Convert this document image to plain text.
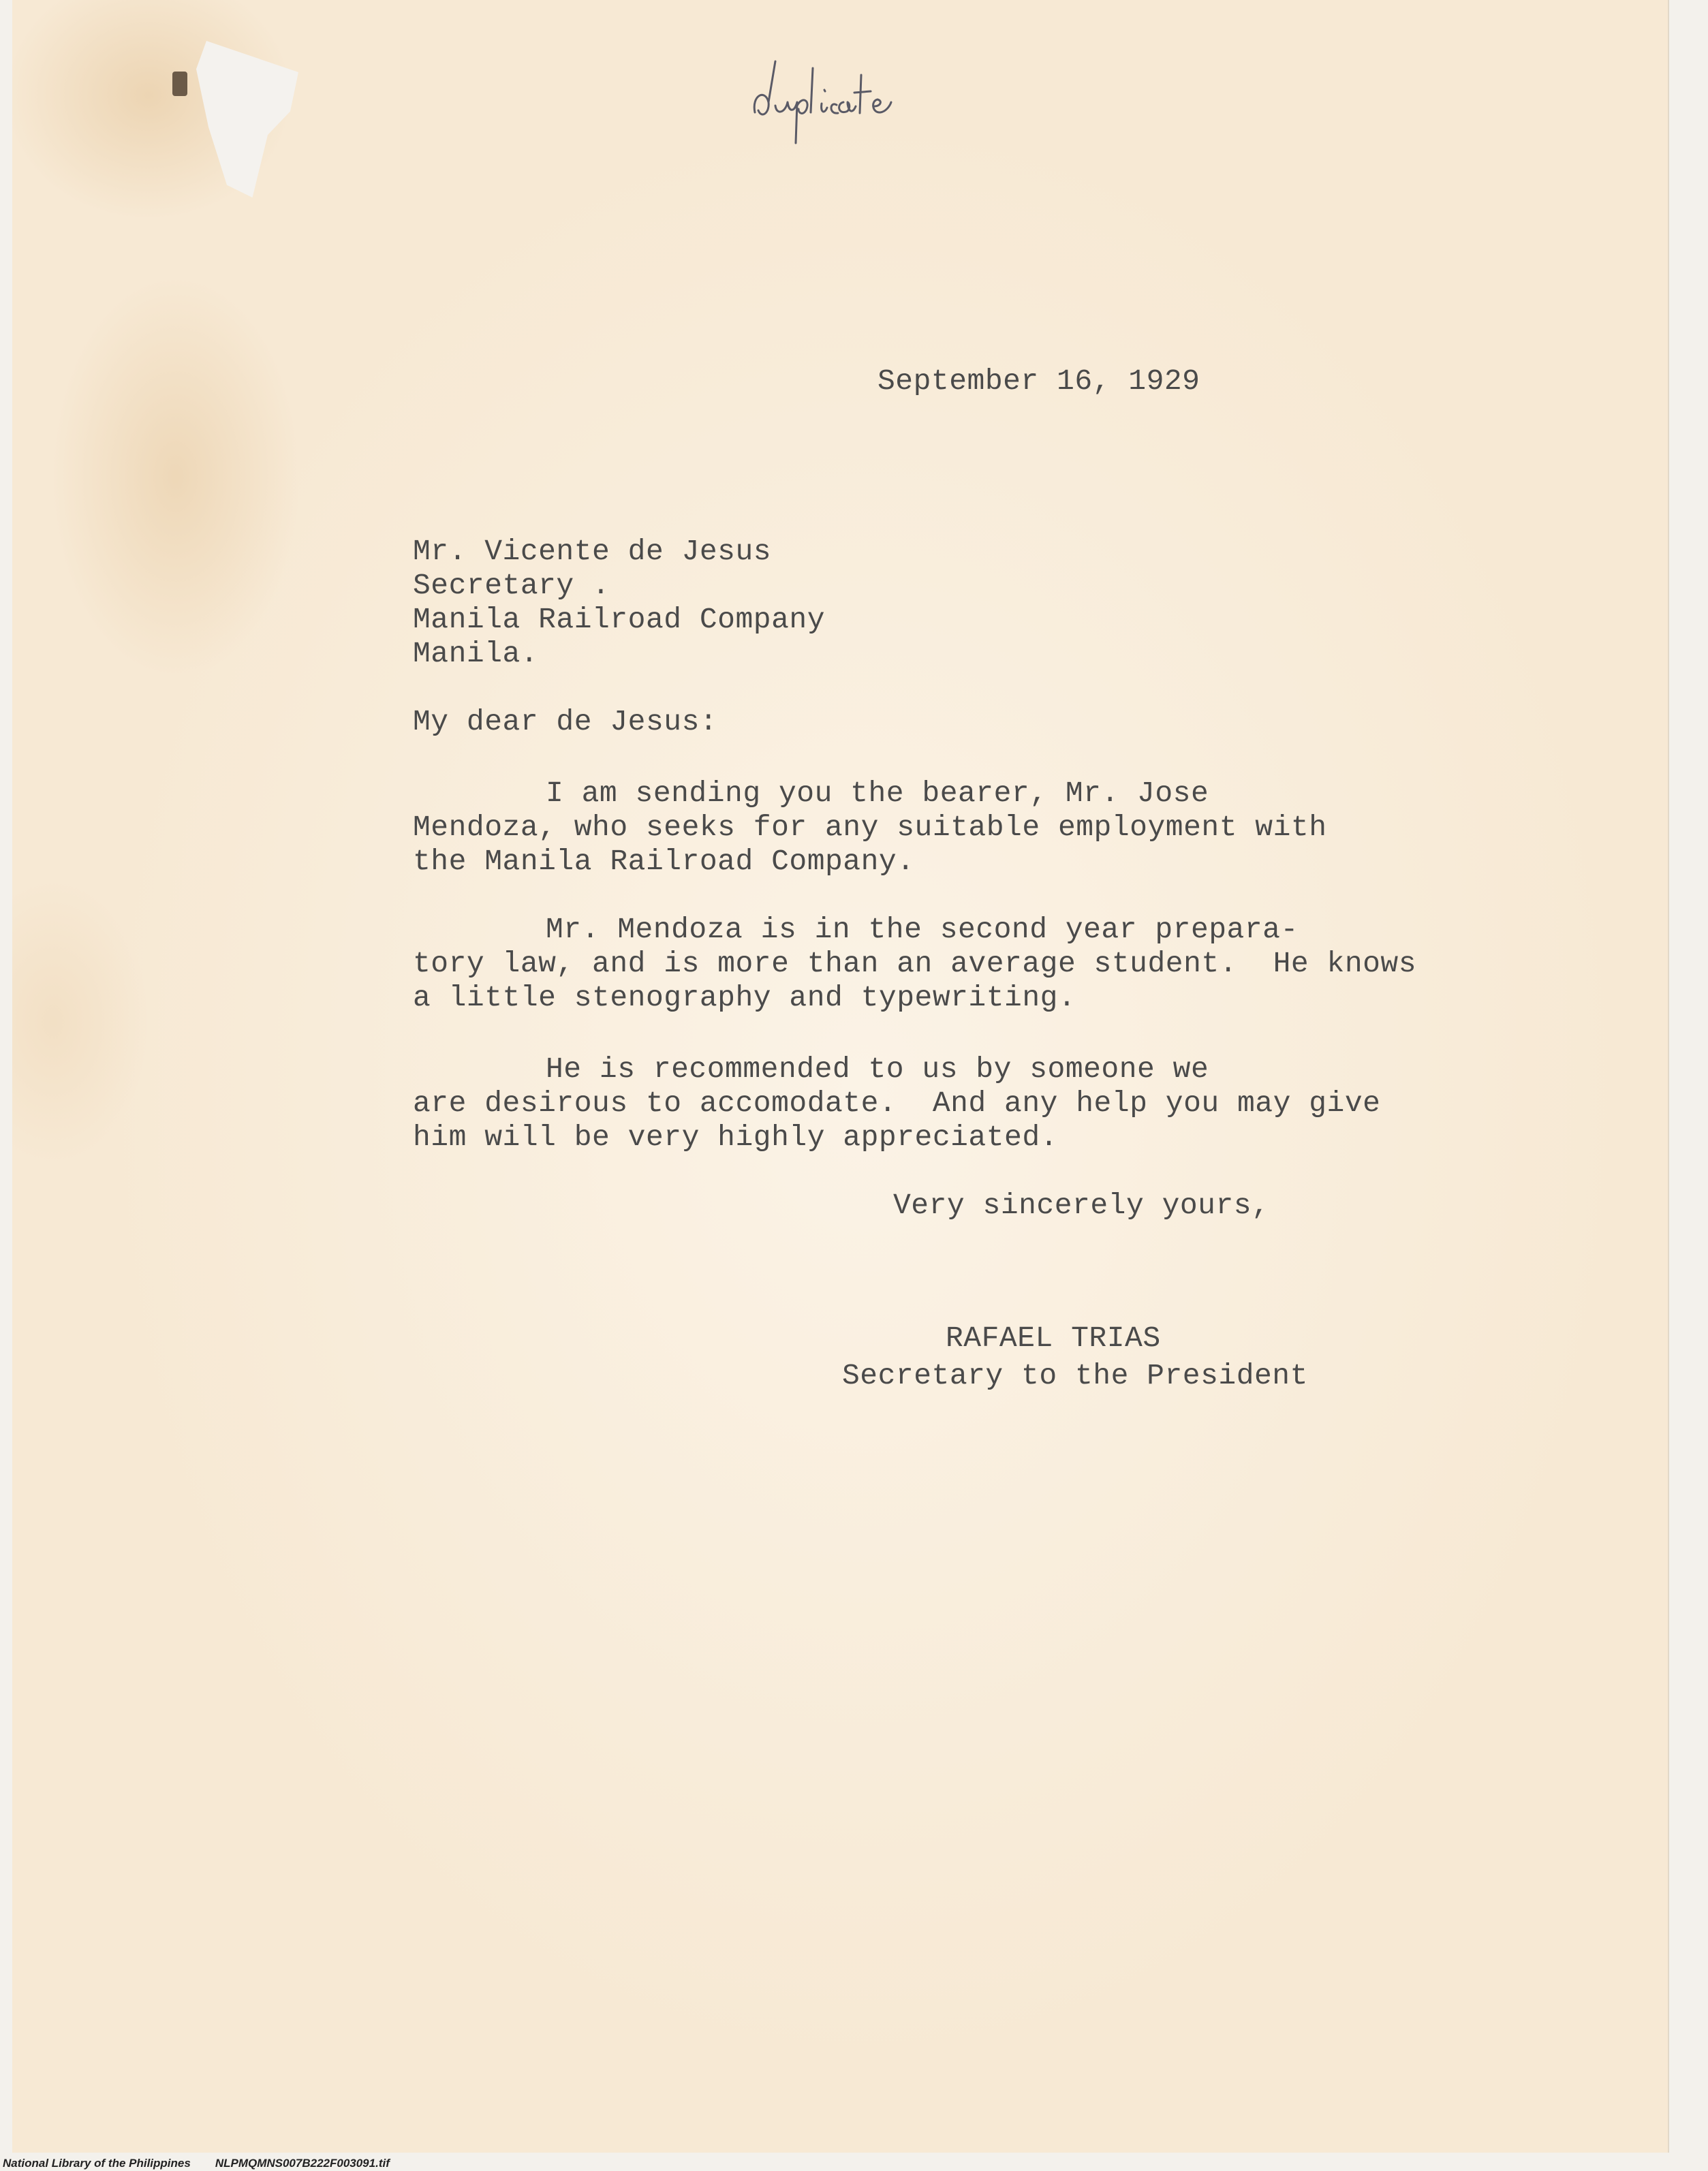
September 16, 1929
Mr. Vicente de Jesus
Secretary .
Manila Railroad Company
Manila.
My dear de Jesus:
I am sending you the bearer, Mr. Jose
Mendoza, who seeks for any suitable employment with
the Manila Railroad Company.
Mr. Mendoza is in the second year prepara-
tory law, and is more than an average student.  He knows
a little stenography and typewriting.
He is recommended to us by someone we
are desirous to accomodate.  And any help you may give
him will be very highly appreciated.
Very sincerely yours,
RAFAEL TRIAS
Secretary to the President
National Library of the Philippines NLPMQMNS007B222F003091.tif
